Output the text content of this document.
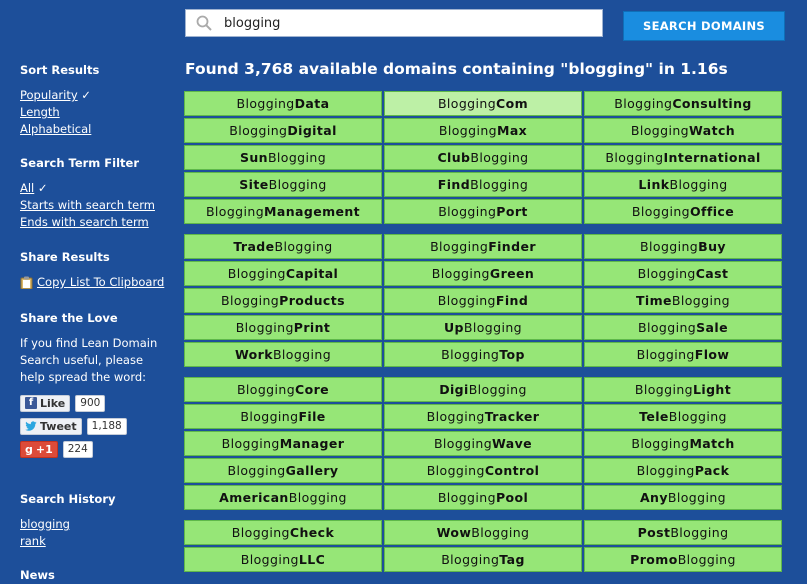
blogging
SEARCH DOMAINS
Sort Results
Popularity ✓
Length
Alphabetical
Search Term Filter
All ✓
Starts with search term
Ends with search term
Share Results
Copy List To Clipboard
Share the Love
If you find Lean Domain Search useful, please help spread the word:
f Like	900
Tweet	1,188
g +1	224
Search History
blogging
rank
News
Found 3,768 available domains containing "blogging" in 1.16s
Blogging Data	Blogging Com	Blogging Consulting
Blogging Digital	Blogging Max	Blogging Watch
Sun Blogging	Club Blogging	Blogging International
Site Blogging	Find Blogging	Link Blogging
Blogging Management	Blogging Port	Blogging Office
Trade Blogging	Blogging Finder	Blogging Buy
Blogging Capital	Blogging Green	Blogging Cast
Blogging Products	Blogging Find	Time Blogging
Blogging Print	Up Blogging	Blogging Sale
Work Blogging	Blogging Top	Blogging Flow
Blogging Core	Digi Blogging	Blogging Light
Blogging File	Blogging Tracker	Tele Blogging
Blogging Manager	Blogging Wave	Blogging Match
Blogging Gallery	Blogging Control	Blogging Pack
American Blogging	Blogging Pool	Any Blogging
Blogging Check	Wow Blogging	Post Blogging
Blogging LLC	Blogging Tag	Promo Blogging
